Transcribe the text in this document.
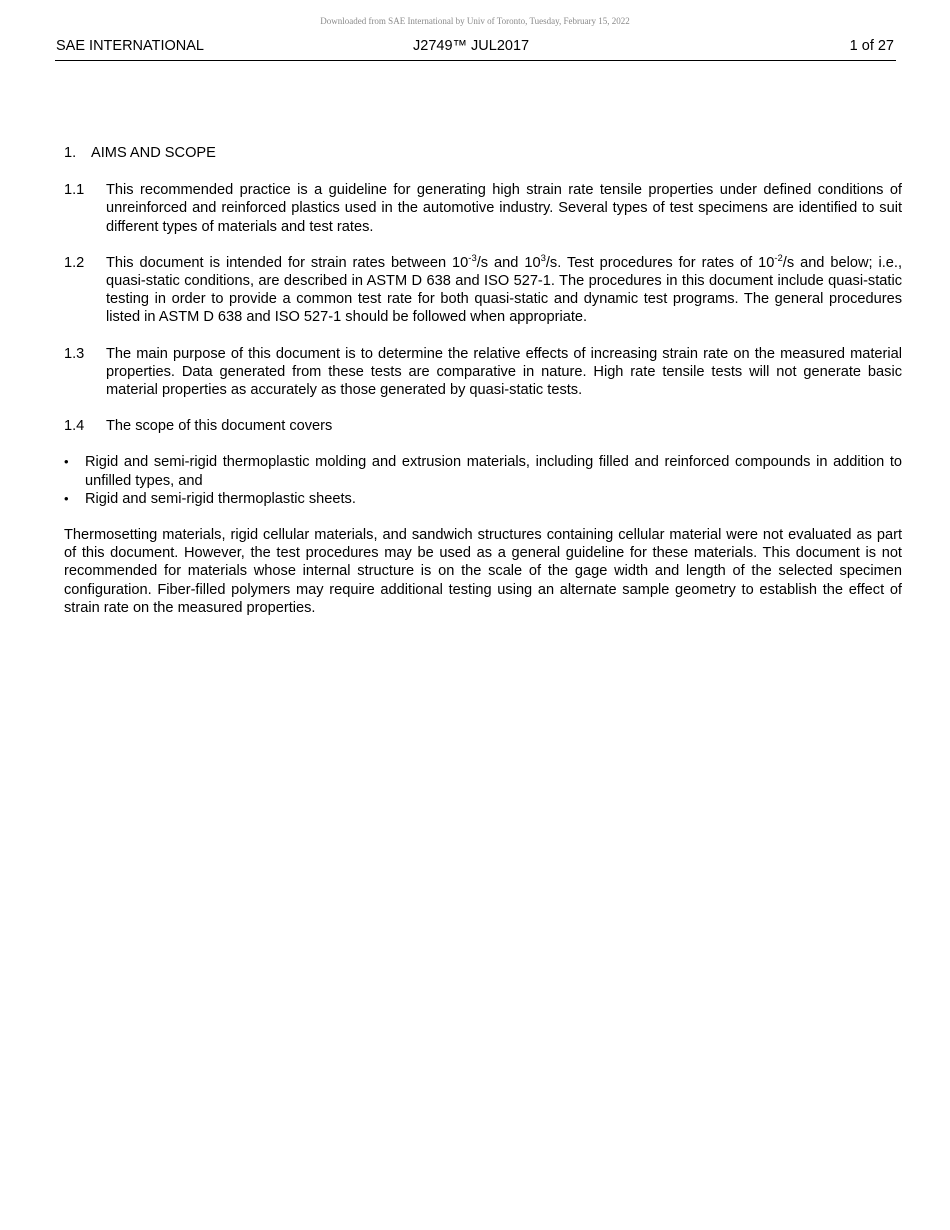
Downloaded from SAE International by Univ of Toronto, Tuesday, February 15, 2022
SAE INTERNATIONAL	J2749™ JUL2017	1 of 27
1.	AIMS AND SCOPE
1.1	This recommended practice is a guideline for generating high strain rate tensile properties under defined conditions of unreinforced and reinforced plastics used in the automotive industry. Several types of test specimens are identified to suit different types of materials and test rates.
1.2	This document is intended for strain rates between $10^{-3}/s$ and $10^3/s$. Test procedures for rates of $10^{-2}/s$ and below; i.e., quasi-static conditions, are described in ASTM D 638 and ISO 527-1. The procedures in this document include quasi-static testing in order to provide a common test rate for both quasi-static and dynamic test programs. The general procedures listed in ASTM D 638 and ISO 527-1 should be followed when appropriate.
1.3	The main purpose of this document is to determine the relative effects of increasing strain rate on the measured material properties. Data generated from these tests are comparative in nature. High rate tensile tests will not generate basic material properties as accurately as those generated by quasi-static tests.
1.4	The scope of this document covers
•	Rigid and semi-rigid thermoplastic molding and extrusion materials, including filled and reinforced compounds in addition to unfilled types, and
•	Rigid and semi-rigid thermoplastic sheets.

Thermosetting materials, rigid cellular materials, and sandwich structures containing cellular material were not evaluated as part of this document. However, the test procedures may be used as a general guideline for these materials. This document is not recommended for materials whose internal structure is on the scale of the gage width and length of the selected specimen configuration. Fiber-filled polymers may require additional testing using an alternate sample geometry to establish the effect of strain rate on the measured properties.
